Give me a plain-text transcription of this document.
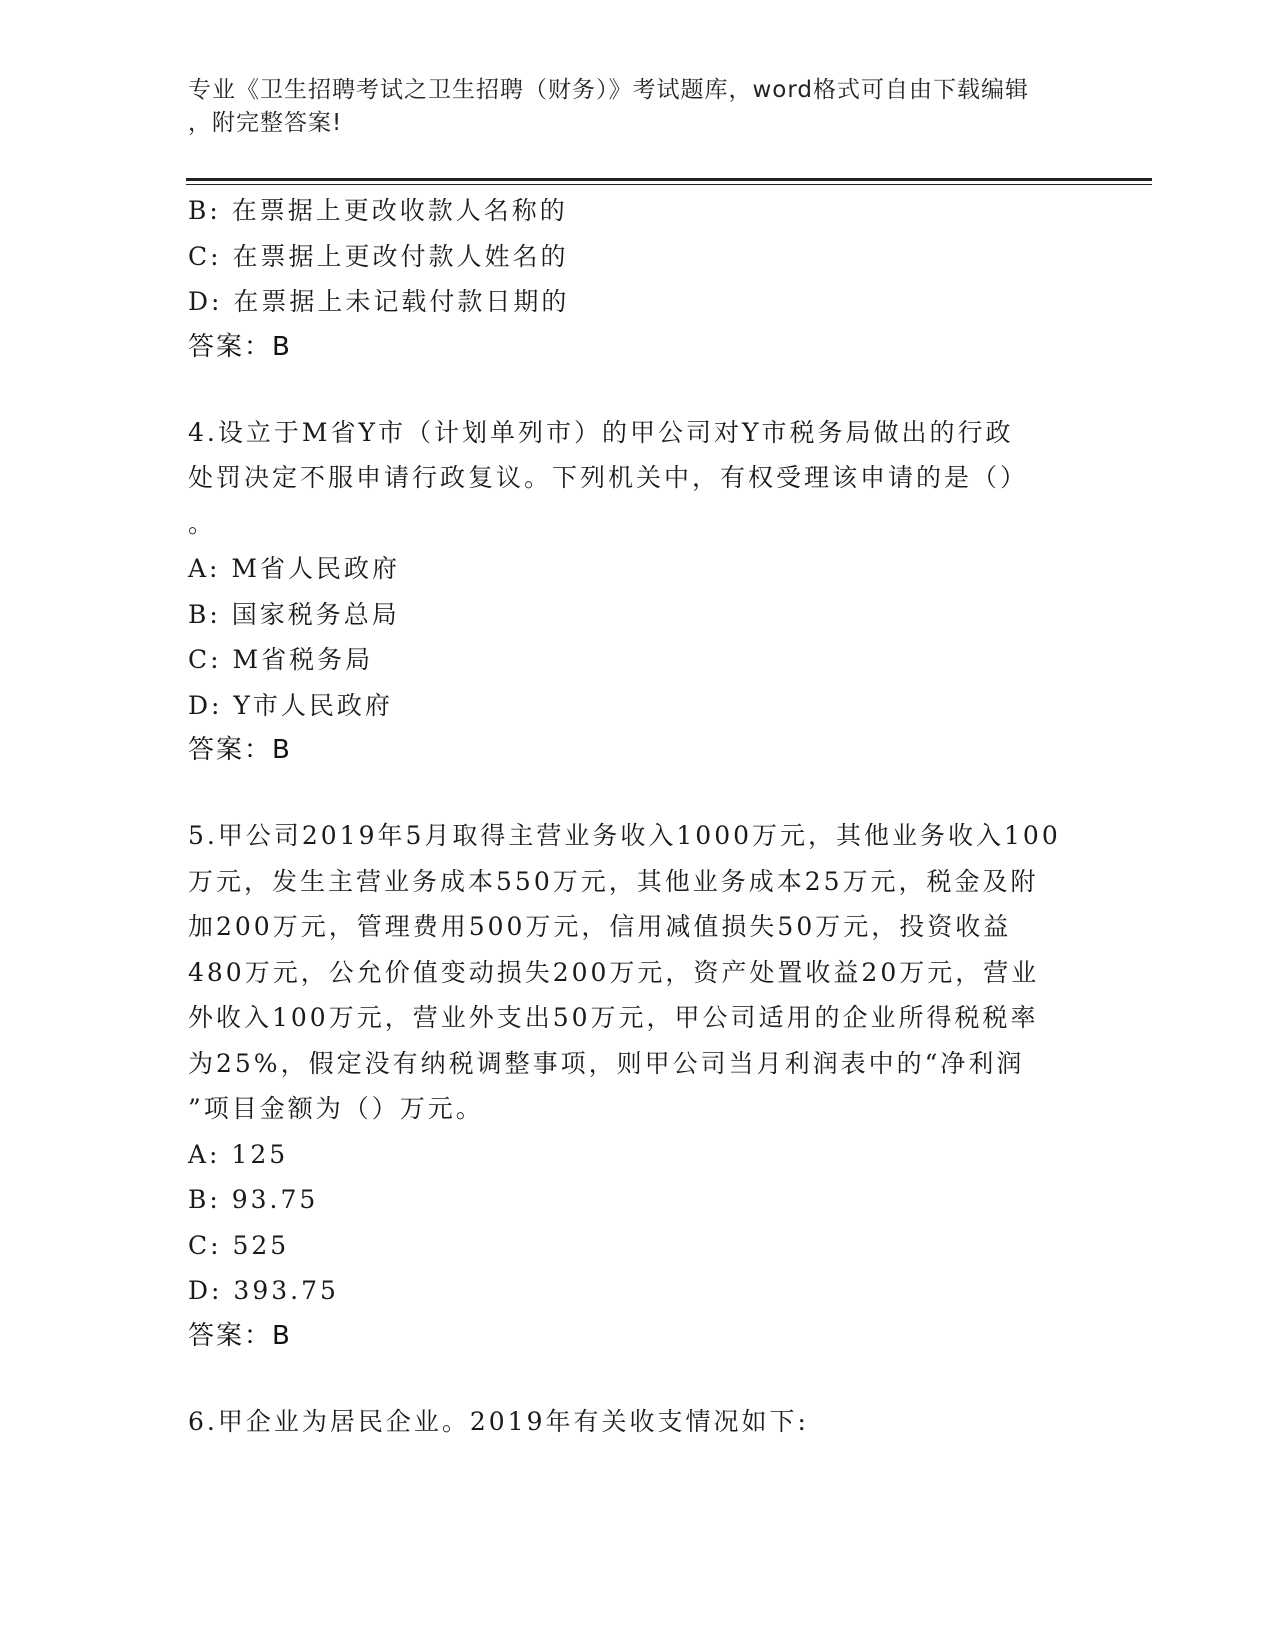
专业《卫生招聘考试之卫生招聘（财务）》考试题库，word格式可自由下载编辑
，附完整答案!
B: 在票据上更改收款人名称的
C: 在票据上更改付款人姓名的
D: 在票据上未记载付款日期的
答案：B
4.设立于M省Y市（计划单列市）的甲公司对Y市税务局做出的行政
处罚决定不服申请行政复议。下列机关中，有权受理该申请的是（）
。
A: M省人民政府
B: 国家税务总局
C: M省税务局
D: Y市人民政府
答案：B
5.甲公司2019年5月取得主营业务收入1000万元，其他业务收入100
万元，发生主营业务成本550万元，其他业务成本25万元，税金及附
加200万元，管理费用500万元，信用减值损失50万元，投资收益
480万元，公允价值变动损失200万元，资产处置收益20万元，营业
外收入100万元，营业外支出50万元，甲公司适用的企业所得税税率
为25%，假定没有纳税调整事项，则甲公司当月利润表中的“净利润
”项目金额为（）万元。
A: 125
B: 93.75
C: 525
D: 393.75
答案：B
6.甲企业为居民企业。2019年有关收支情况如下:
